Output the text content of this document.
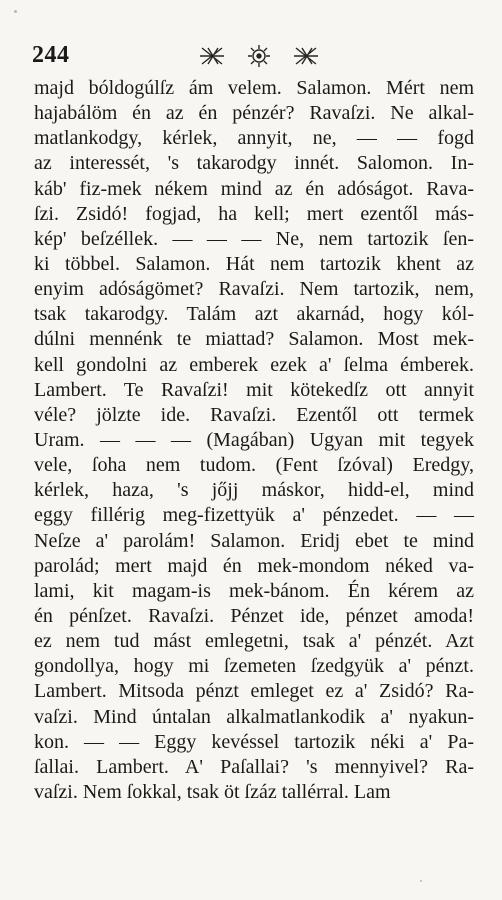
244
majd bóldogúlſz ám velem. Salamon. Mért nem
hajabálöm én az én pénzér? Ravaſzi. Ne alkal-
matlankodgy, kérlek, annyit, ne, — — fogd
az interessét, 's takarodgy innét. Salomon. In-
káb' fiz-mek nékem mind az én adóságot. Rava-
ſzi. Zsidó! fogjad, ha kell; mert ezentől más-
kép' beſzéllek. — — — Ne, nem tartozik ſen-
ki többel. Salamon. Hát nem tartozik khent az
enyim adóságömet? Ravaſzi. Nem tartozik, nem,
tsak takarodgy. Talám azt akarnád, hogy kól-
dúlni mennénk te miattad? Salamon. Most mek-
kell gondolni az emberek ezek a' ſelma émberek.
Lambert. Te Ravaſzi! mit kötekedſz ott annyit
véle? jölzte ide. Ravaſzi. Ezentől ott termek
Uram. — — — (Magában) Ugyan mit tegyek
vele, ſoha nem tudom. (Fent ſzóval) Eredgy,
kérlek, haza, 's jőjj máskor, hidd-el, mind
eggy fillérig meg-fizettyük a' pénzedet. — —
Neſze a' parolám! Salamon. Eridj ebet te mind
parolád; mert majd én mek-mondom néked va-
lami, kit magam-is mek-bánom. Én kérem az
én pénſzet. Ravaſzi. Pénzet ide, pénzet amoda!
ez nem tud mást emlegetni, tsak a' pénzét. Azt
gondollya, hogy mi ſzemeten ſzedgyük a' pénzt.
Lambert. Mitsoda pénzt emleget ez a' Zsidó? Ra-
vaſzi. Mind úntalan alkalmatlankodik a' nyakun-
kon. — — Eggy kevéssel tartozik néki a' Pa-
ſallai. Lambert. A' Paſallai? 's mennyivel? Ra-
vaſzi. Nem ſokkal, tsak öt ſzáz tallérral. Lam
